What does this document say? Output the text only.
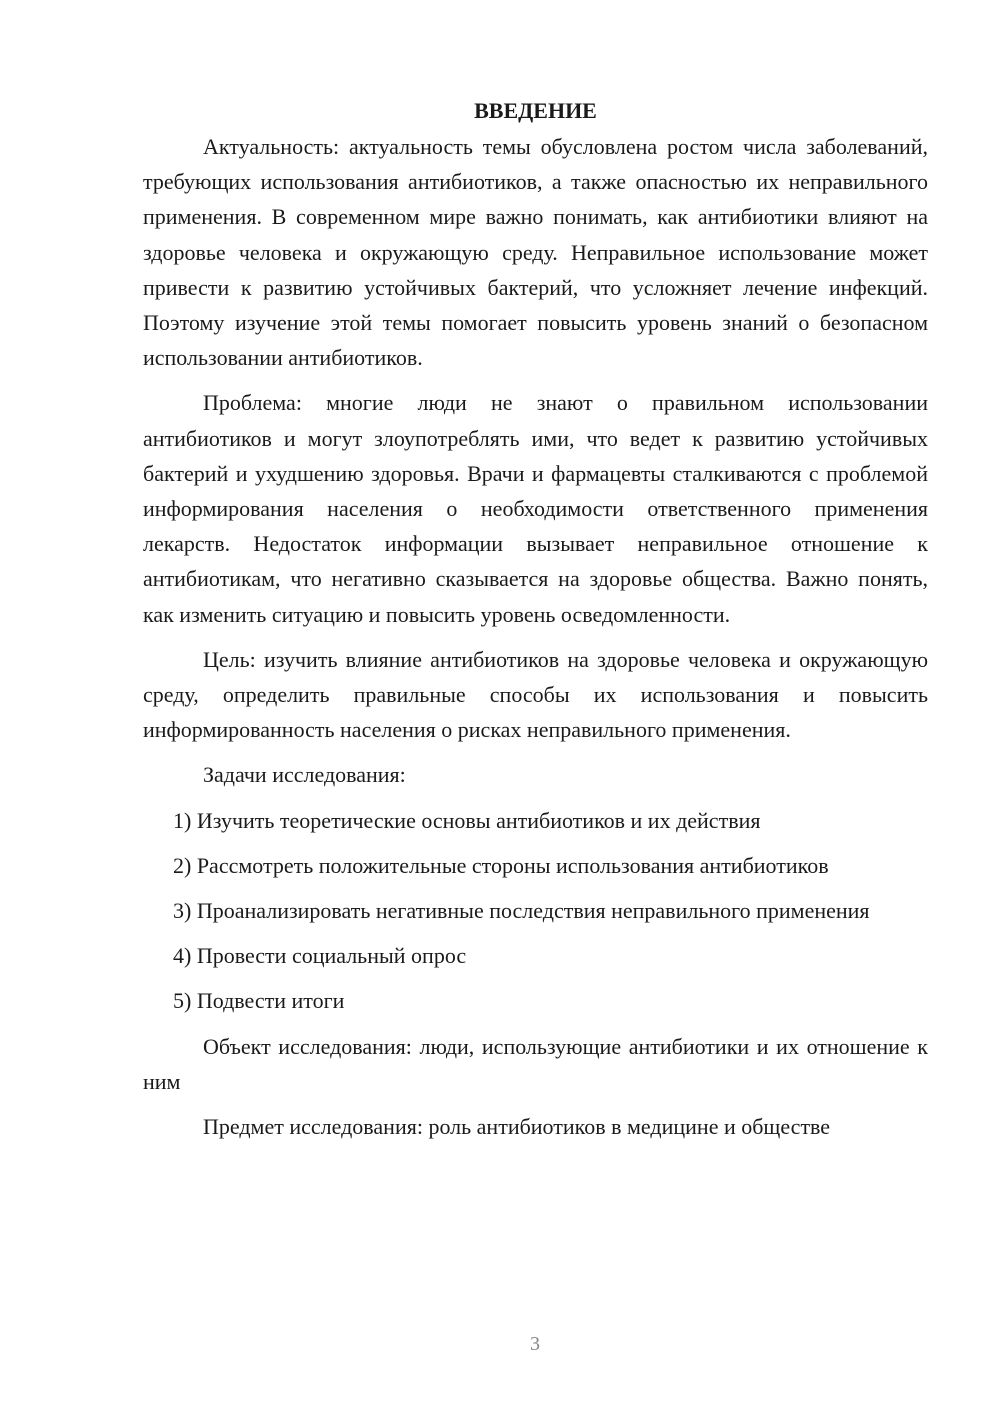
ВВЕДЕНИЕ

Актуальность: актуальность темы обусловлена ростом числа заболеваний, требующих использования антибиотиков, а также опасностью их неправильного применения. В современном мире важно понимать, как антибиотики влияют на здоровье человека и окружающую среду. Неправильное использование может привести к развитию устойчивых бактерий, что усложняет лечение инфекций. Поэтому изучение этой темы помогает повысить уровень знаний о безопасном использовании антибиотиков.

Проблема: многие люди не знают о правильном использовании антибиотиков и могут злоупотреблять ими, что ведет к развитию устойчивых бактерий и ухудшению здоровья. Врачи и фармацевты сталкиваются с проблемой информирования населения о необходимости ответственного применения лекарств. Недостаток информации вызывает неправильное отношение к антибиотикам, что негативно сказывается на здоровье общества. Важно понять, как изменить ситуацию и повысить уровень осведомленности.

Цель: изучить влияние антибиотиков на здоровье человека и окружающую среду, определить правильные способы их использования и повысить информированность населения о рисках неправильного применения.

Задачи исследования:

1) Изучить теоретические основы антибиотиков и их действия

2) Рассмотреть положительные стороны использования антибиотиков

3) Проанализировать негативные последствия неправильного применения

4) Провести социальный опрос

5) Подвести итоги

Объект исследования: люди, использующие антибиотики и их отношение к ним

Предмет исследования: роль антибиотиков в медицине и обществе

3
